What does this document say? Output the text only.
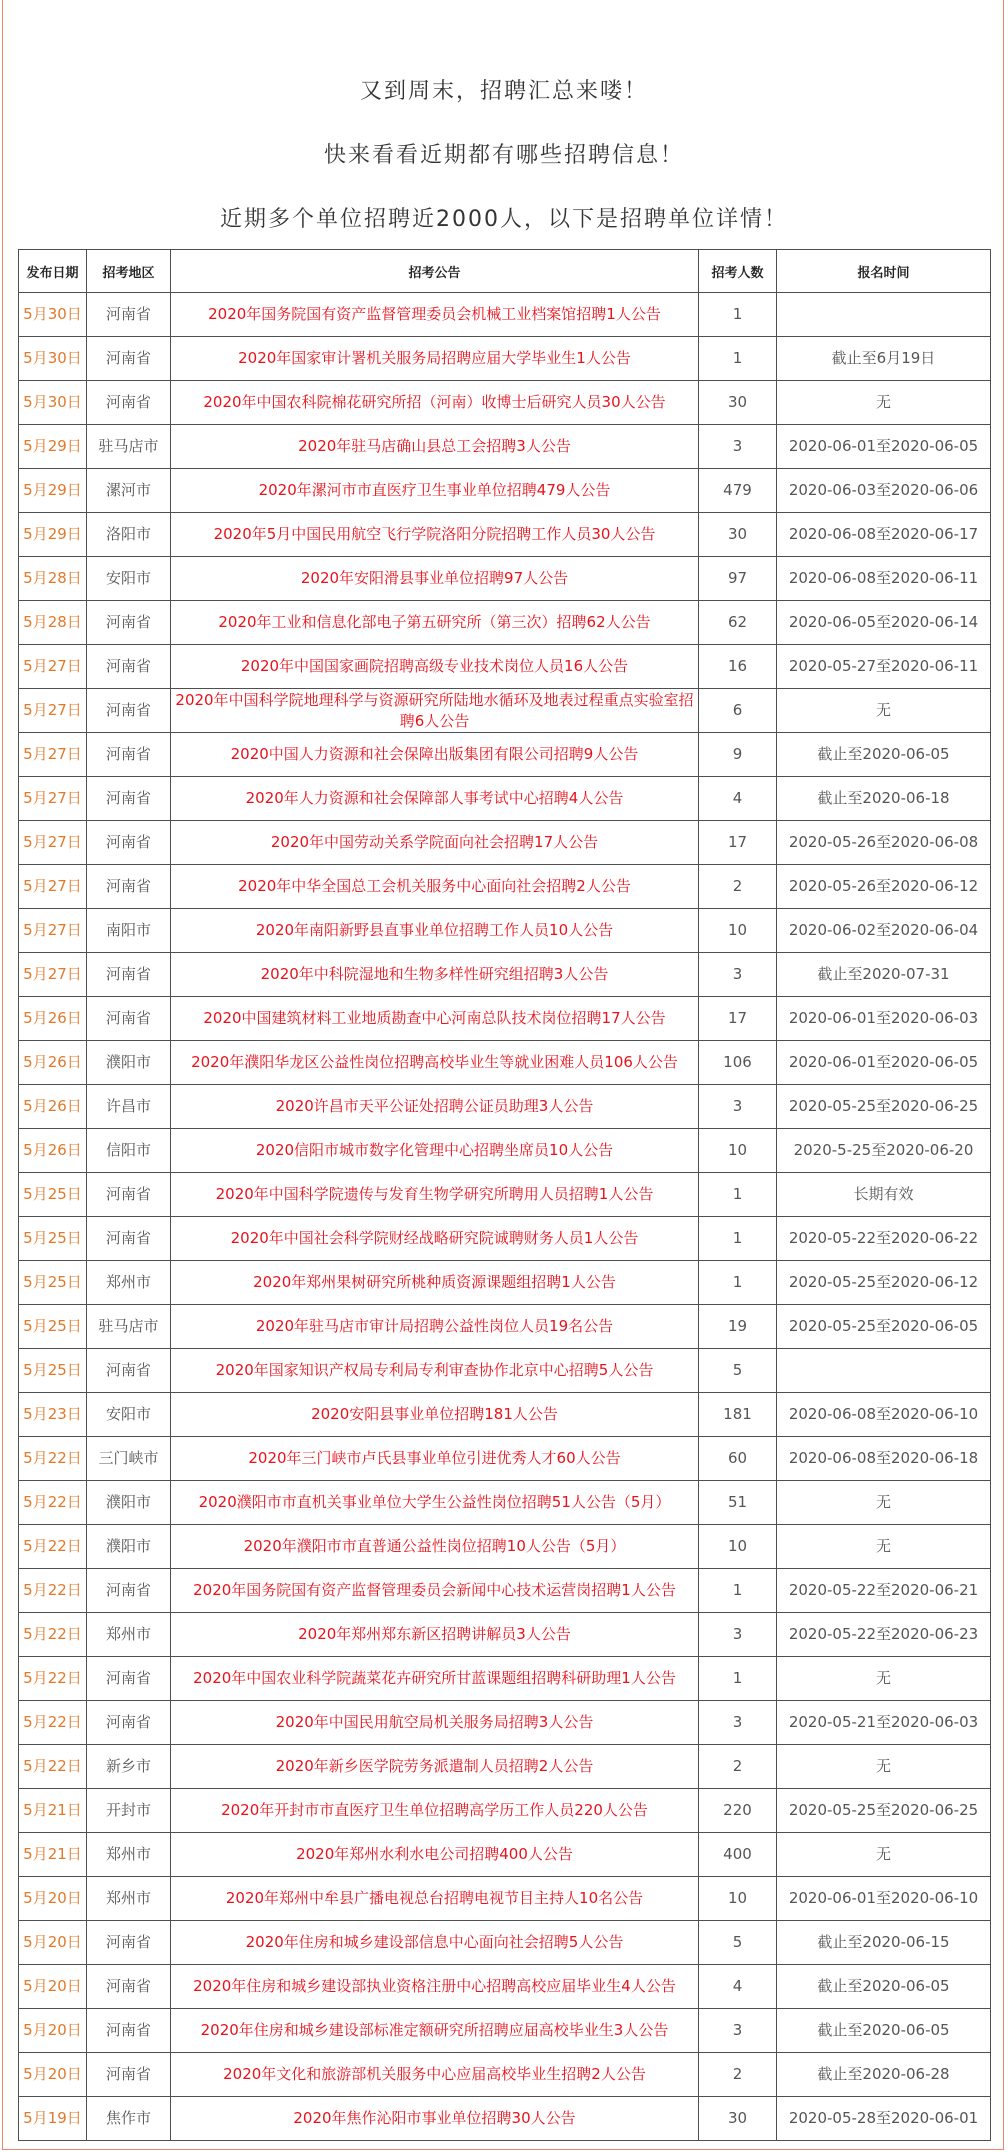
又到周末，招聘汇总来喽！

快来看看近期都有哪些招聘信息！

近期多个单位招聘近2000人，以下是招聘单位详情！

发布日期	招考地区	招考公告	招考人数	报名时间
5月30日	河南省	2020年国务院国有资产监督管理委员会机械工业档案馆招聘1人公告	1	
5月30日	河南省	2020年国家审计署机关服务局招聘应届大学毕业生1人公告	1	截止至6月19日
5月30日	河南省	2020年中国农科院棉花研究所招（河南）收博士后研究人员30人公告	30	无
5月29日	驻马店市	2020年驻马店确山县总工会招聘3人公告	3	2020-06-01至2020-06-05
5月29日	漯河市	2020年漯河市市直医疗卫生事业单位招聘479人公告	479	2020-06-03至2020-06-06
5月29日	洛阳市	2020年5月中国民用航空飞行学院洛阳分院招聘工作人员30人公告	30	2020-06-08至2020-06-17
5月28日	安阳市	2020年安阳滑县事业单位招聘97人公告	97	2020-06-08至2020-06-11
5月28日	河南省	2020年工业和信息化部电子第五研究所（第三次）招聘62人公告	62	2020-06-05至2020-06-14
5月27日	河南省	2020年中国国家画院招聘高级专业技术岗位人员16人公告	16	2020-05-27至2020-06-11
5月27日	河南省	2020年中国科学院地理科学与资源研究所陆地水循环及地表过程重点实验室招聘6人公告	6	无
5月27日	河南省	2020中国人力资源和社会保障出版集团有限公司招聘9人公告	9	截止至2020-06-05
5月27日	河南省	2020年人力资源和社会保障部人事考试中心招聘4人公告	4	截止至2020-06-18
5月27日	河南省	2020年中国劳动关系学院面向社会招聘17人公告	17	2020-05-26至2020-06-08
5月27日	河南省	2020年中华全国总工会机关服务中心面向社会招聘2人公告	2	2020-05-26至2020-06-12
5月27日	南阳市	2020年南阳新野县直事业单位招聘工作人员10人公告	10	2020-06-02至2020-06-04
5月27日	河南省	2020年中科院湿地和生物多样性研究组招聘3人公告	3	截止至2020-07-31
5月26日	河南省	2020中国建筑材料工业地质勘查中心河南总队技术岗位招聘17人公告	17	2020-06-01至2020-06-03
5月26日	濮阳市	2020年濮阳华龙区公益性岗位招聘高校毕业生等就业困难人员106人公告	106	2020-06-01至2020-06-05
5月26日	许昌市	2020许昌市天平公证处招聘公证员助理3人公告	3	2020-05-25至2020-06-25
5月26日	信阳市	2020信阳市城市数字化管理中心招聘坐席员10人公告	10	2020-5-25至2020-06-20
5月25日	河南省	2020年中国科学院遗传与发育生物学研究所聘用人员招聘1人公告	1	长期有效
5月25日	河南省	2020年中国社会科学院财经战略研究院诚聘财务人员1人公告	1	2020-05-22至2020-06-22
5月25日	郑州市	2020年郑州果树研究所桃种质资源课题组招聘1人公告	1	2020-05-25至2020-06-12
5月25日	驻马店市	2020年驻马店市审计局招聘公益性岗位人员19名公告	19	2020-05-25至2020-06-05
5月25日	河南省	2020年国家知识产权局专利局专利审查协作北京中心招聘5人公告	5	
5月23日	安阳市	2020安阳县事业单位招聘181人公告	181	2020-06-08至2020-06-10
5月22日	三门峡市	2020年三门峡市卢氏县事业单位引进优秀人才60人公告	60	2020-06-08至2020-06-18
5月22日	濮阳市	2020濮阳市市直机关事业单位大学生公益性岗位招聘51人公告（5月）	51	无
5月22日	濮阳市	2020年濮阳市市直普通公益性岗位招聘10人公告（5月）	10	无
5月22日	河南省	2020年国务院国有资产监督管理委员会新闻中心技术运营岗招聘1人公告	1	2020-05-22至2020-06-21
5月22日	郑州市	2020年郑州郑东新区招聘讲解员3人公告	3	2020-05-22至2020-06-23
5月22日	河南省	2020年中国农业科学院蔬菜花卉研究所甘蓝课题组招聘科研助理1人公告	1	无
5月22日	河南省	2020年中国民用航空局机关服务局招聘3人公告	3	2020-05-21至2020-06-03
5月22日	新乡市	2020年新乡医学院劳务派遣制人员招聘2人公告	2	无
5月21日	开封市	2020年开封市市直医疗卫生单位招聘高学历工作人员220人公告	220	2020-05-25至2020-06-25
5月21日	郑州市	2020年郑州水利水电公司招聘400人公告	400	无
5月20日	郑州市	2020年郑州中牟县广播电视总台招聘电视节目主持人10名公告	10	2020-06-01至2020-06-10
5月20日	河南省	2020年住房和城乡建设部信息中心面向社会招聘5人公告	5	截止至2020-06-15
5月20日	河南省	2020年住房和城乡建设部执业资格注册中心招聘高校应届毕业生4人公告	4	截止至2020-06-05
5月20日	河南省	2020年住房和城乡建设部标准定额研究所招聘应届高校毕业生3人公告	3	截止至2020-06-05
5月20日	河南省	2020年文化和旅游部机关服务中心应届高校毕业生招聘2人公告	2	截止至2020-06-28
5月19日	焦作市	2020年焦作沁阳市事业单位招聘30人公告	30	2020-05-28至2020-06-01
